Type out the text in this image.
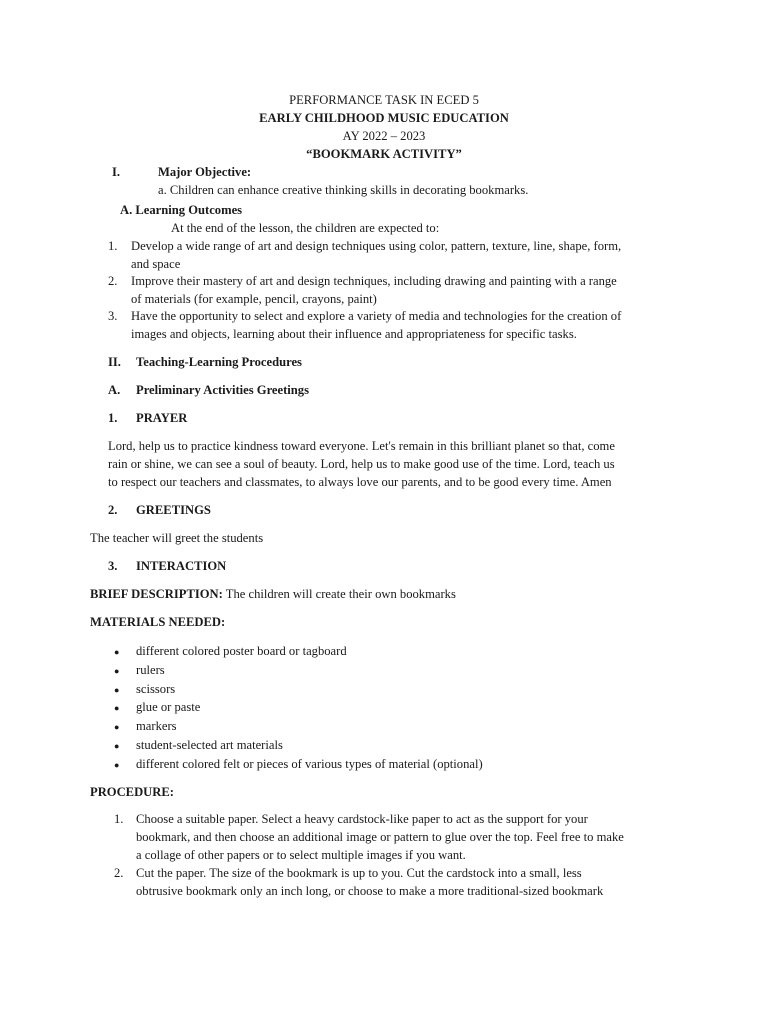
PERFORMANCE TASK IN ECED 5
EARLY CHILDHOOD MUSIC EDUCATION
AY 2022 – 2023
“BOOKMARK ACTIVITY”
I.	Major Objective:
a. Children can enhance creative thinking skills in decorating bookmarks.
A. Learning Outcomes
At the end of the lesson, the children are expected to:
1. Develop a wide range of art and design techniques using color, pattern, texture, line, shape, form,
and space
2. Improve their mastery of art and design techniques, including drawing and painting with a range
of materials (for example, pencil, crayons, paint)
3. Have the opportunity to select and explore a variety of media and technologies for the creation of
images and objects, learning about their influence and appropriateness for specific tasks.
II. Teaching-Learning Procedures
A. Preliminary Activities Greetings
1. PRAYER
Lord, help us to practice kindness toward everyone. Let's remain in this brilliant planet so that, come
rain or shine, we can see a soul of beauty. Lord, help us to make good use of the time. Lord, teach us
to respect our teachers and classmates, to always love our parents, and to be good every time. Amen
2. GREETINGS
The teacher will greet the students
3. INTERACTION
BRIEF DESCRIPTION: The children will create their own bookmarks
MATERIALS NEEDED:
● different colored poster board or tagboard
● rulers
● scissors
● glue or paste
● markers
● student-selected art materials
● different colored felt or pieces of various types of material (optional)
PROCEDURE:
1. Choose a suitable paper. Select a heavy cardstock-like paper to act as the support for your
bookmark, and then choose an additional image or pattern to glue over the top. Feel free to make
a collage of other papers or to select multiple images if you want.
2. Cut the paper. The size of the bookmark is up to you. Cut the cardstock into a small, less
obtrusive bookmark only an inch long, or choose to make a more traditional-sized bookmark
